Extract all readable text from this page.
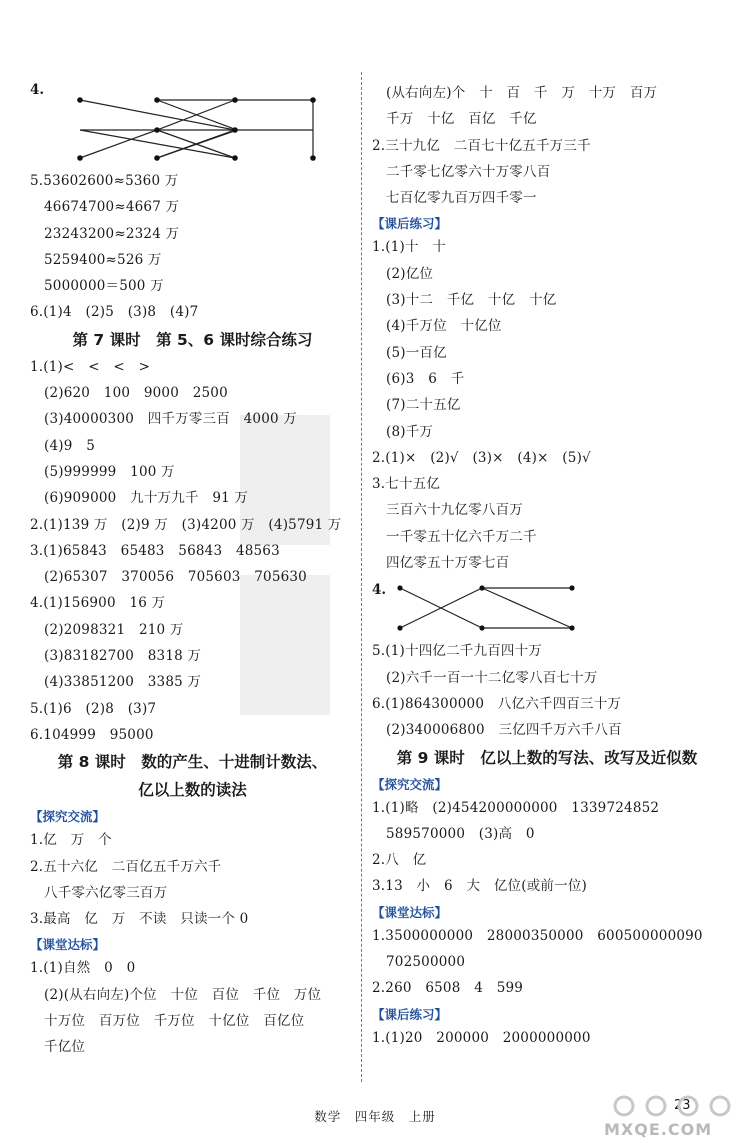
4.
5.53602600≈5360 万
46674700≈4667 万
23243200≈2324 万
5259400≈526 万
5000000＝500 万
6.(1)4　(2)5　(3)8　(4)7
第 7 课时　第 5、6 课时综合练习
1.(1)<　<　<　>
(2)620　100　9000　2500
(3)40000300　四千万零三百　4000 万
(4)9　5
(5)999999　100 万
(6)909000　九十万九千　91 万
2.(1)139 万　(2)9 万　(3)4200 万　(4)5791 万
3.(1)65843　65483　56843　48563
(2)65307　370056　705603　705630
4.(1)156900　16 万
(2)2098321　210 万
(3)83182700　8318 万
(4)33851200　3385 万
5.(1)6　(2)8　(3)7
6.104999　95000
第 8 课时　数的产生、十进制计数法、
亿以上数的读法
【探究交流】
1.亿　万　个
2.五十六亿　二百亿五千万六千
八千零六亿零三百万
3.最高　亿　万　不读　只读一个 0
【课堂达标】
1.(1)自然　0　0
(2)(从右向左)个位　十位　百位　千位　万位
十万位　百万位　千万位　十亿位　百亿位
千亿位
(从右向左)个　十　百　千　万　十万　百万
千万　十亿　百亿　千亿
2.三十九亿　二百七十亿五千万三千
二千零七亿零六十万零八百
七百亿零九百万四千零一
【课后练习】
1.(1)十　十
(2)亿位
(3)十二　千亿　十亿　十亿
(4)千万位　十亿位
(5)一百亿
(6)3　6　千
(7)二十五亿
(8)千万
2.(1)×　(2)√　(3)×　(4)×　(5)√
3.七十五亿
三百六十九亿零八百万
一千零五十亿六千万二千
四亿零五十万零七百
4.
5.(1)十四亿二千九百四十万
(2)六千一百一十二亿零八百七十万
6.(1)864300000　八亿六千四百三十万
(2)340006800　三亿四千万六千八百
第 9 课时　亿以上数的写法、改写及近似数
【探究交流】
1.(1)略　(2)454200000000　1339724852
589570000　(3)高　0
2.八　亿
3.13　小　6　大　亿位(或前一位)
【课堂达标】
1.3500000000　28000350000　600500000090
702500000
2.260　6508　4　599
【课后练习】
1.(1)20　200000　2000000000
数学　四年级　上册
23
MXQE.COM
